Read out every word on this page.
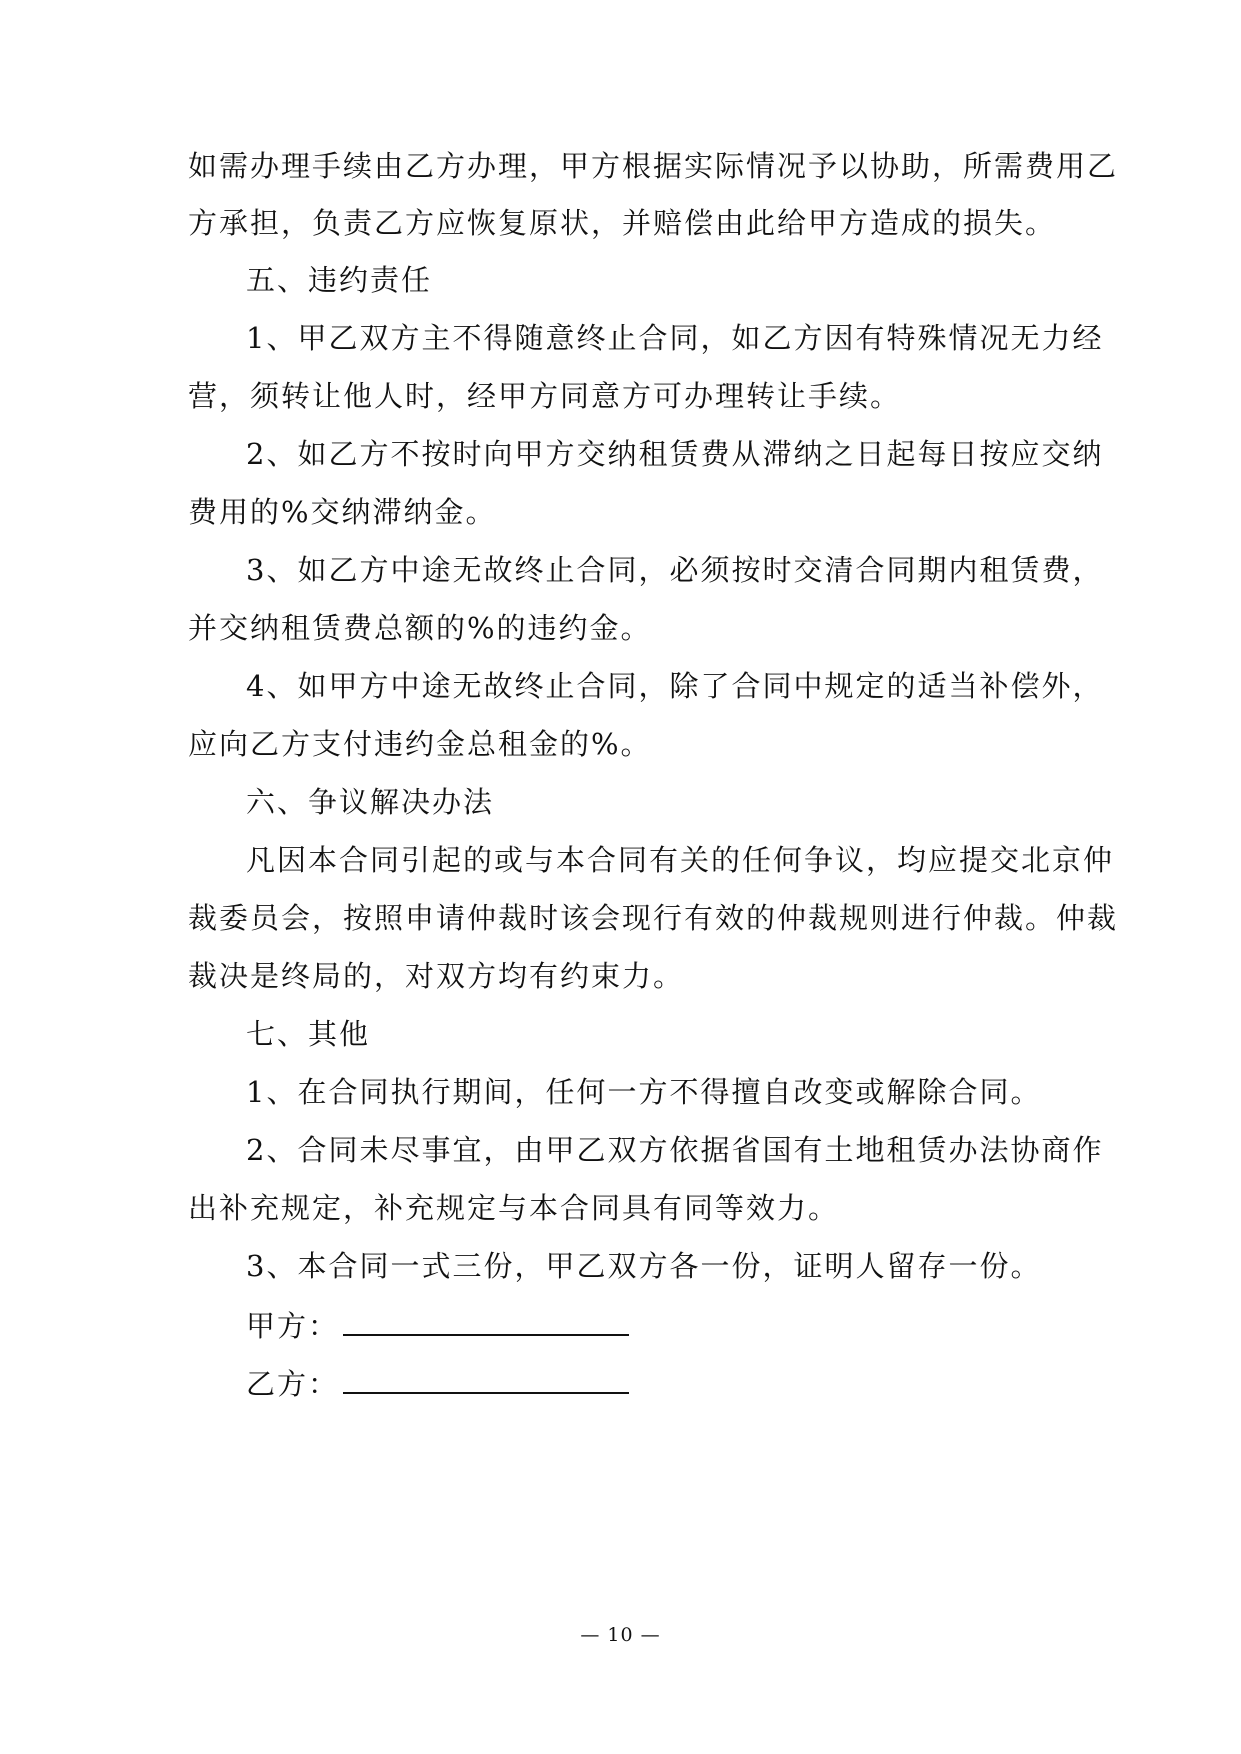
如需办理手续由乙方办理，甲方根据实际情况予以协助，所需费用乙
方承担，负责乙方应恢复原状，并赔偿由此给甲方造成的损失。
五、违约责任
1、甲乙双方主不得随意终止合同，如乙方因有特殊情况无力经
营，须转让他人时，经甲方同意方可办理转让手续。
2、如乙方不按时向甲方交纳租赁费从滞纳之日起每日按应交纳
费用的%交纳滞纳金。
3、如乙方中途无故终止合同，必须按时交清合同期内租赁费，
并交纳租赁费总额的%的违约金。
4、如甲方中途无故终止合同，除了合同中规定的适当补偿外，
应向乙方支付违约金总租金的%。
六、争议解决办法
凡因本合同引起的或与本合同有关的任何争议，均应提交北京仲
裁委员会，按照申请仲裁时该会现行有效的仲裁规则进行仲裁。仲裁
裁决是终局的，对双方均有约束力。
七、其他
1、在合同执行期间，任何一方不得擅自改变或解除合同。
2、合同未尽事宜，由甲乙双方依据省国有土地租赁办法协商作
出补充规定，补充规定与本合同具有同等效力。
3、本合同一式三份，甲乙双方各一份，证明人留存一份。
甲方：
乙方：
— 10 —
